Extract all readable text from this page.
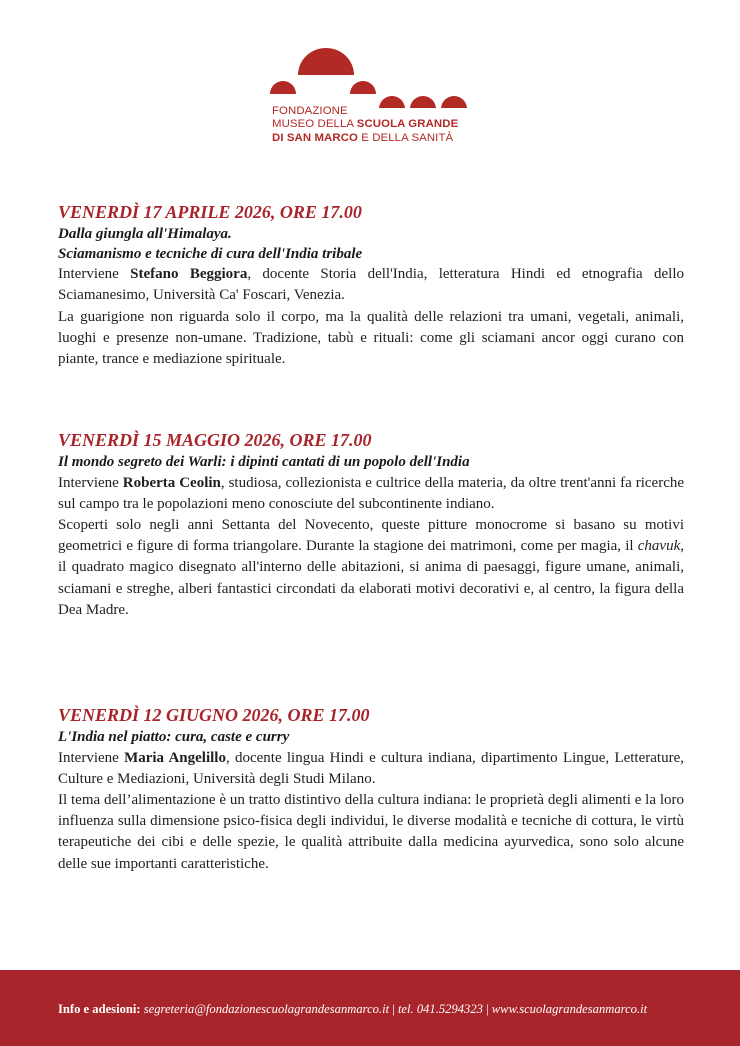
FONDAZIONE
MUSEO DELLA SCUOLA GRANDE
DI SAN MARCO E DELLA SANITÀ
VENERDÌ 17 APRILE 2026, ORE 17.00
Dalla giungla all'Himalaya.
Sciamanismo e tecniche di cura dell'India tribale

Interviene Stefano Beggiora, docente Storia dell'India, letteratura Hindi ed etnografia dello Sciamanesimo, Università Ca' Foscari, Venezia.

La guarigione non riguarda solo il corpo, ma la qualità delle relazioni tra umani, vegetali, animali, luoghi e presenze non-umane. Tradizione, tabù e rituali: come gli sciamani ancor oggi curano con piante, trance e mediazione spirituale.

VENERDÌ 15 MAGGIO 2026, ORE 17.00
Il mondo segreto dei Warli: i dipinti cantati di un popolo dell'India

Interviene Roberta Ceolin, studiosa, collezionista e cultrice della materia, da oltre trent'anni fa ricerche sul campo tra le popolazioni meno conosciute del subcontinente indiano.

Scoperti solo negli anni Settanta del Novecento, queste pitture monocrome si basano su motivi geometrici e figure di forma triangolare. Durante la stagione dei matrimoni, come per magia, il chavuk, il quadrato magico disegnato all'interno delle abitazioni, si anima di paesaggi, figure umane, animali, sciamani e streghe, alberi fantastici circondati da elaborati motivi decorativi e, al centro, la figura della Dea Madre.

VENERDÌ 12 GIUGNO 2026, ORE 17.00
L'India nel piatto: cura, caste e curry

Interviene Maria Angelillo, docente lingua Hindi e cultura indiana, dipartimento Lingue, Letterature, Culture e Mediazioni, Università degli Studi Milano.

Il tema dell’alimentazione è un tratto distintivo della cultura indiana: le proprietà degli alimenti e la loro influenza sulla dimensione psico-fisica degli individui, le diverse modalità e tecniche di cottura, le virtù terapeutiche dei cibi e delle spezie, le qualità attribuite dalla medicina ayurvedica, sono solo alcune delle sue importanti caratteristiche.

Info e adesioni: segreteria@fondazionescuolagrandesanmarco.it | tel. 041.5294323 | www.scuolagrandesanmarco.it
